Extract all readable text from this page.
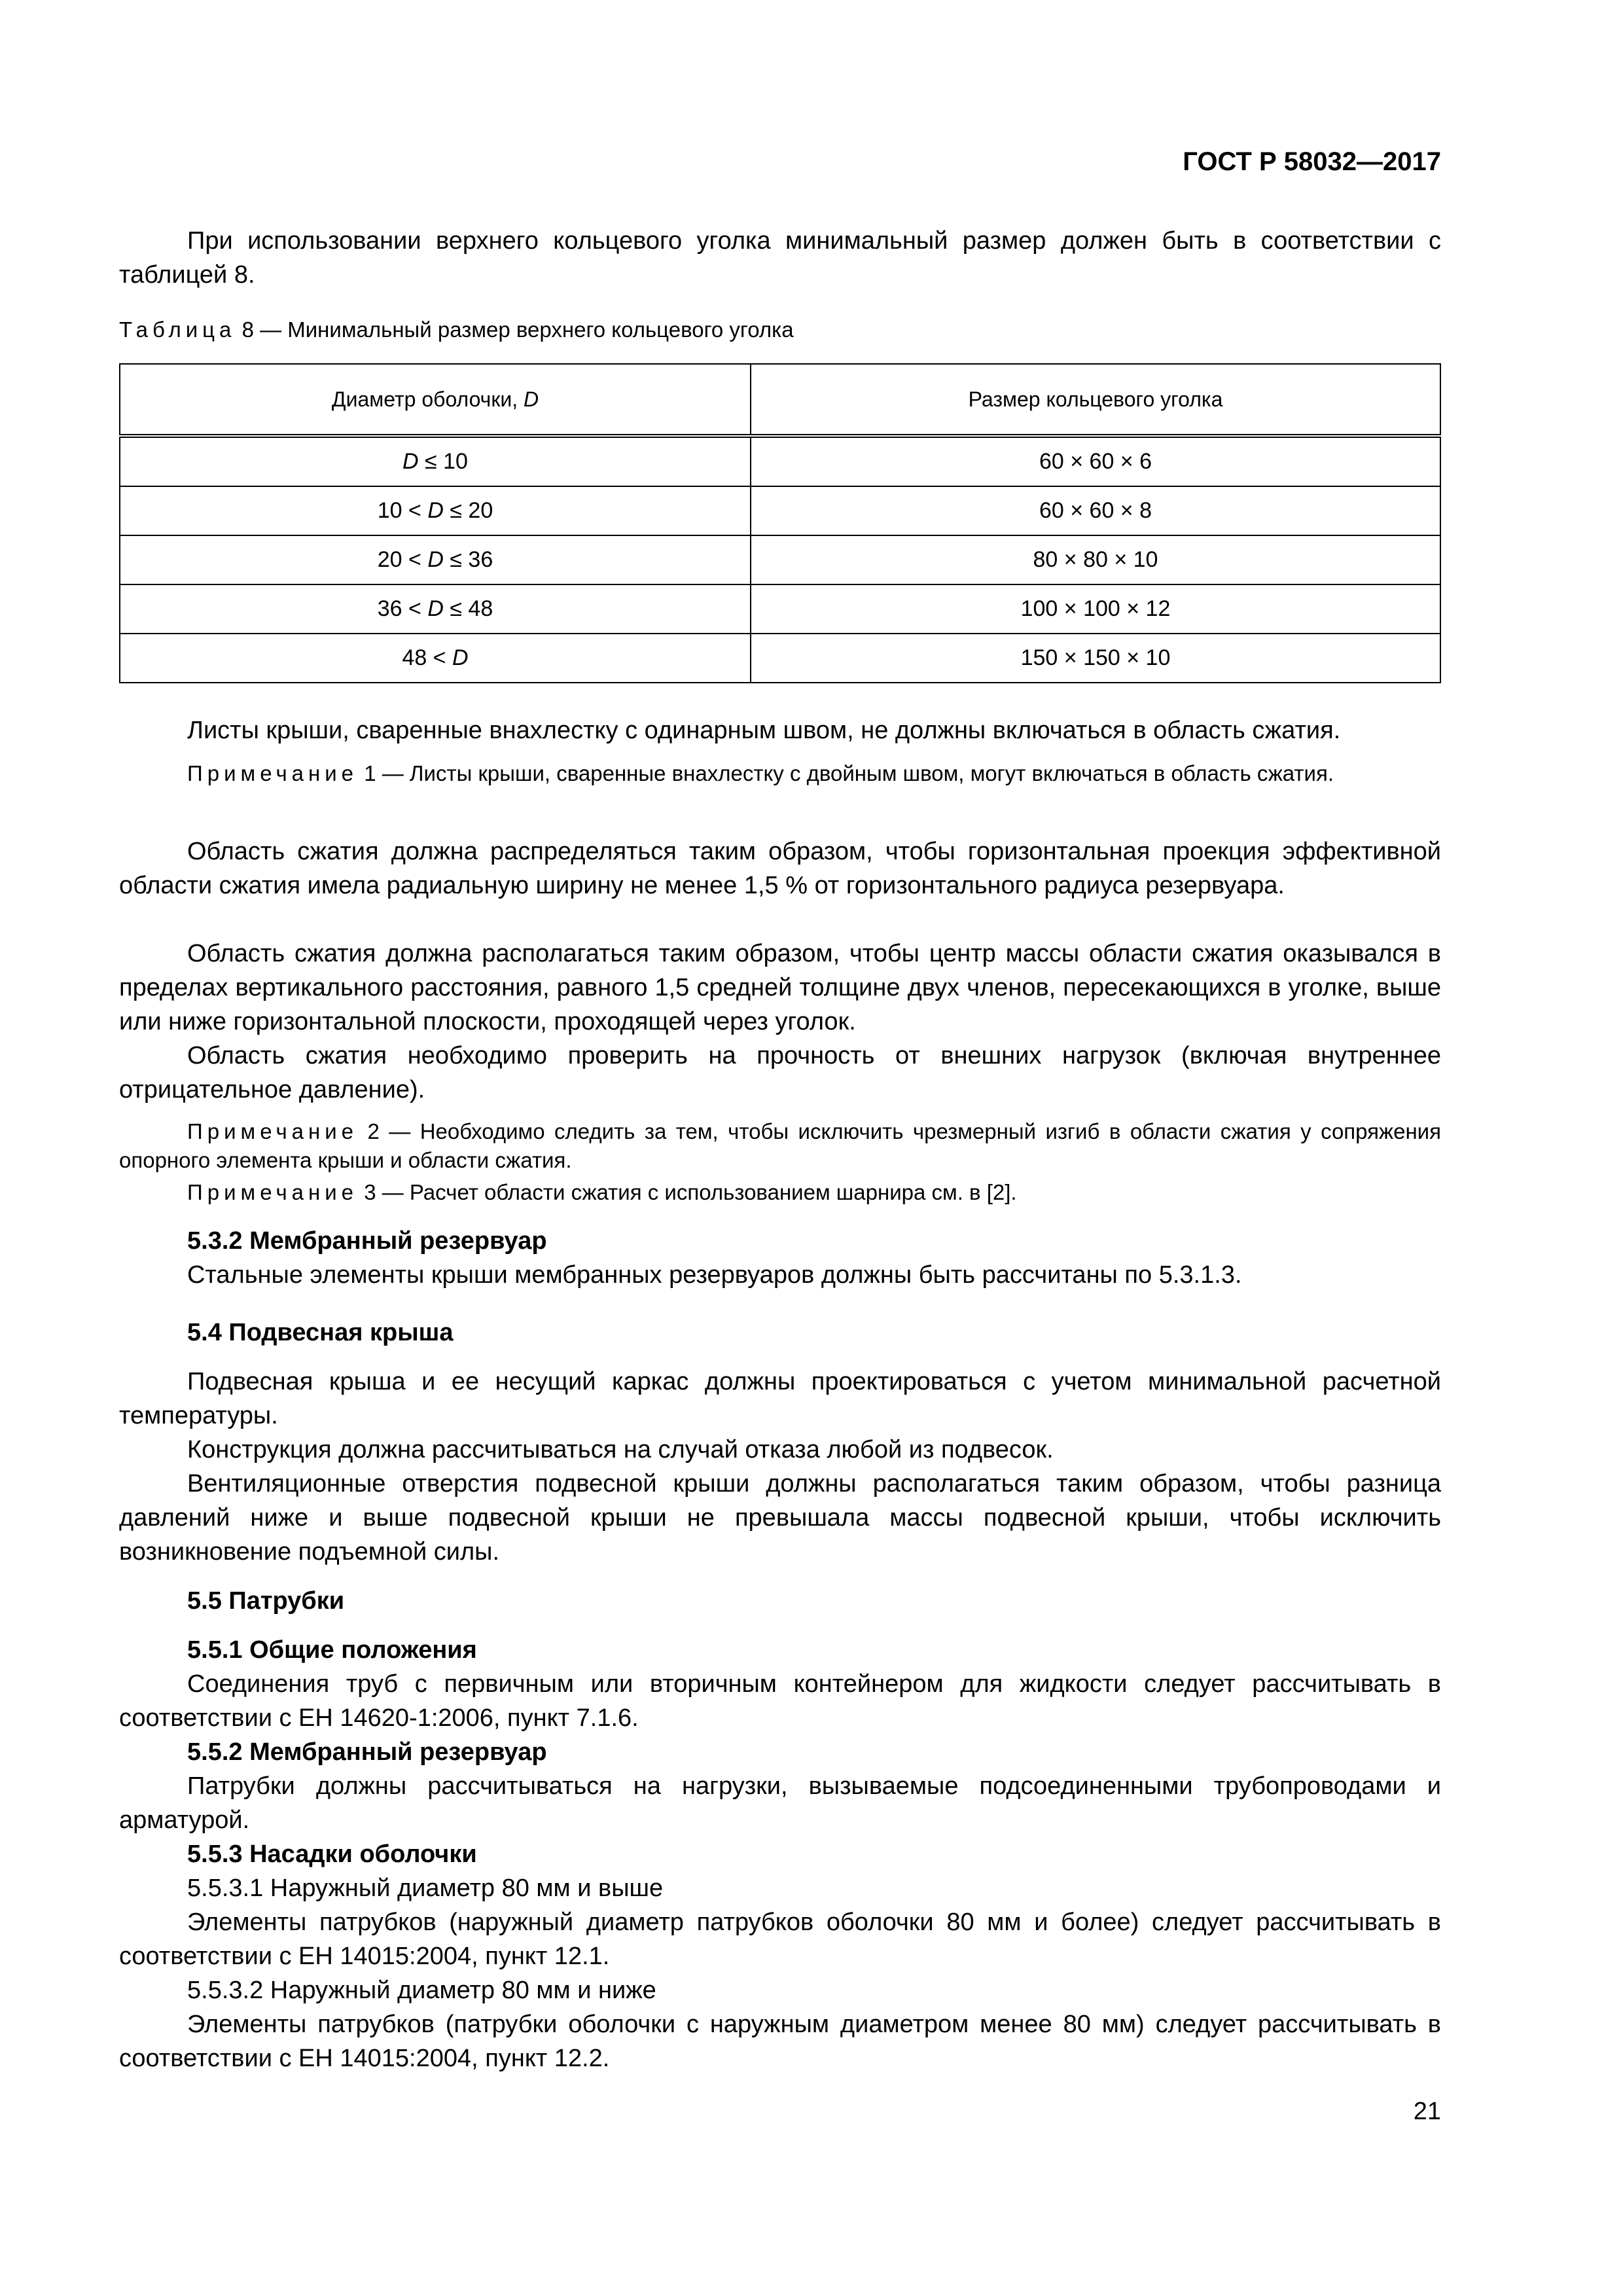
ГОСТ Р 58032—2017

При использовании верхнего кольцевого уголка минимальный размер должен быть в соответствии с таблицей 8.

Таблица 8 — Минимальный размер верхнего кольцевого уголка
Диаметр оболочки, D	Размер кольцевого уголка
D ≤ 10	60 × 60 × 6
10 < D ≤ 20	60 × 60 × 8
20 < D ≤ 36	80 × 80 × 10
36 < D ≤ 48	100 × 100 × 12
48 < D	150 × 150 × 10

Листы крыши, сваренные внахлестку с одинарным швом, не должны включаться в область сжатия.

Примечание 1 — Листы крыши, сваренные внахлестку с двойным швом, могут включаться в область сжатия.

Область сжатия должна распределяться таким образом, чтобы горизонтальная проекция эффективной области сжатия имела радиальную ширину не менее 1,5 % от горизонтального радиуса резервуара.

Область сжатия должна располагаться таким образом, чтобы центр массы области сжатия оказывался в пределах вертикального расстояния, равного 1,5 средней толщине двух членов, пересекающихся в уголке, выше или ниже горизонтальной плоскости, проходящей через уголок.

Область сжатия необходимо проверить на прочность от внешних нагрузок (включая внутреннее отрицательное давление).

Примечание 2 — Необходимо следить за тем, чтобы исключить чрезмерный изгиб в области сжатия у сопряжения опорного элемента крыши и области сжатия.

Примечание 3 — Расчет области сжатия с использованием шарнира см. в [2].

5.3.2 Мембранный резервуар

Стальные элементы крыши мембранных резервуаров должны быть рассчитаны по 5.3.1.3.

5.4 Подвесная крыша

Подвесная крыша и ее несущий каркас должны проектироваться с учетом минимальной расчетной температуры.

Конструкция должна рассчитываться на случай отказа любой из подвесок.

Вентиляционные отверстия подвесной крыши должны располагаться таким образом, чтобы разница давлений ниже и выше подвесной крыши не превышала массы подвесной крыши, чтобы исключить возникновение подъемной силы.

5.5 Патрубки

5.5.1 Общие положения

Соединения труб с первичным или вторичным контейнером для жидкости следует рассчитывать в соответствии с ЕН 14620-1:2006, пункт 7.1.6.

5.5.2 Мембранный резервуар

Патрубки должны рассчитываться на нагрузки, вызываемые подсоединенными трубопроводами и арматурой.

5.5.3 Насадки оболочки

5.5.3.1 Наружный диаметр 80 мм и выше

Элементы патрубков (наружный диаметр патрубков оболочки 80 мм и более) следует рассчитывать в соответствии с ЕН 14015:2004, пункт 12.1.

5.5.3.2 Наружный диаметр 80 мм и ниже

Элементы патрубков (патрубки оболочки с наружным диаметром менее 80 мм) следует рассчитывать в соответствии с ЕН 14015:2004, пункт 12.2.

21
